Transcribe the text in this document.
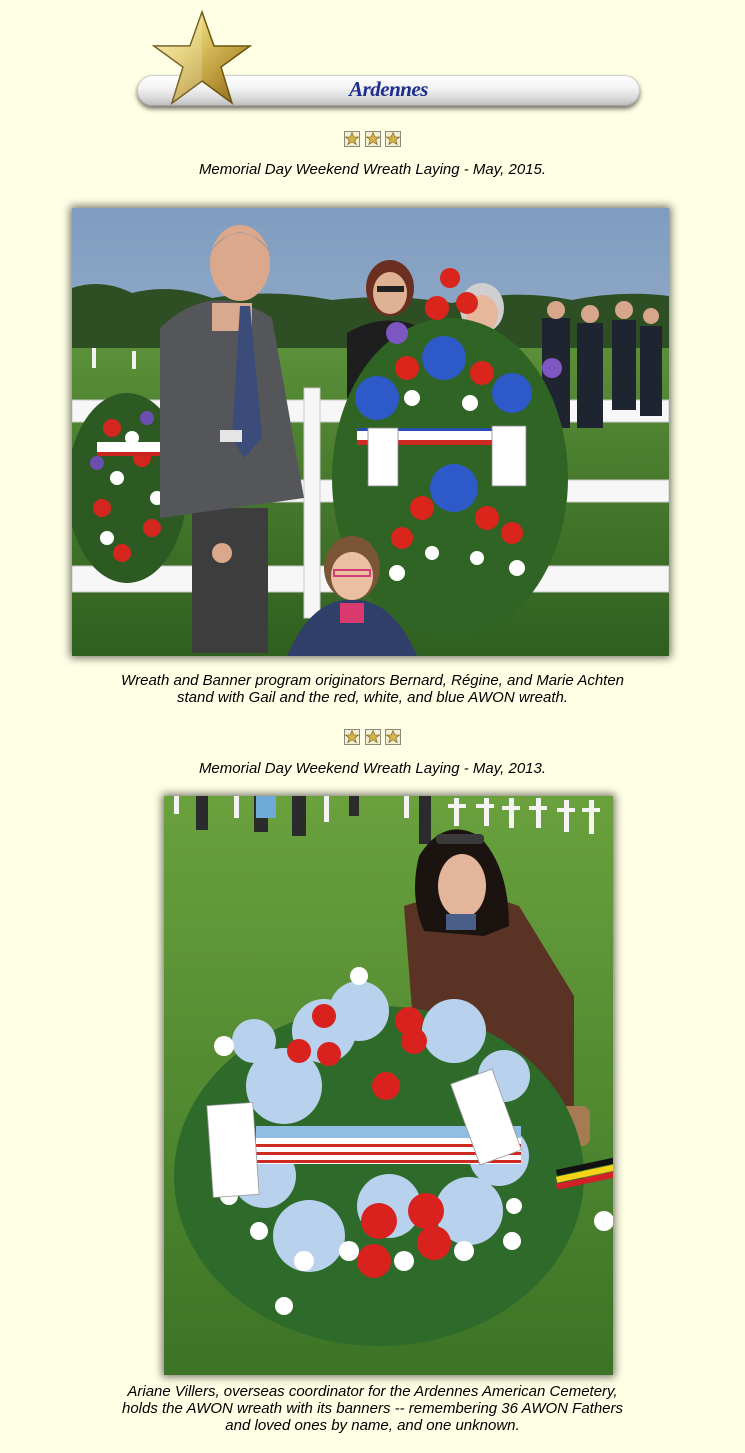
Ardennes

Memorial Day Weekend Wreath Laying - May, 2015.
Wreath and Banner program originators Bernard, Régine, and Marie Achten
stand with Gail and the red, white, and blue AWON wreath.

Memorial Day Weekend Wreath Laying - May, 2013.
Ariane Villers, overseas coordinator for the Ardennes American Cemetery,
holds the AWON wreath with its banners -- remembering 36 AWON Fathers
and loved ones by name, and one unknown.
